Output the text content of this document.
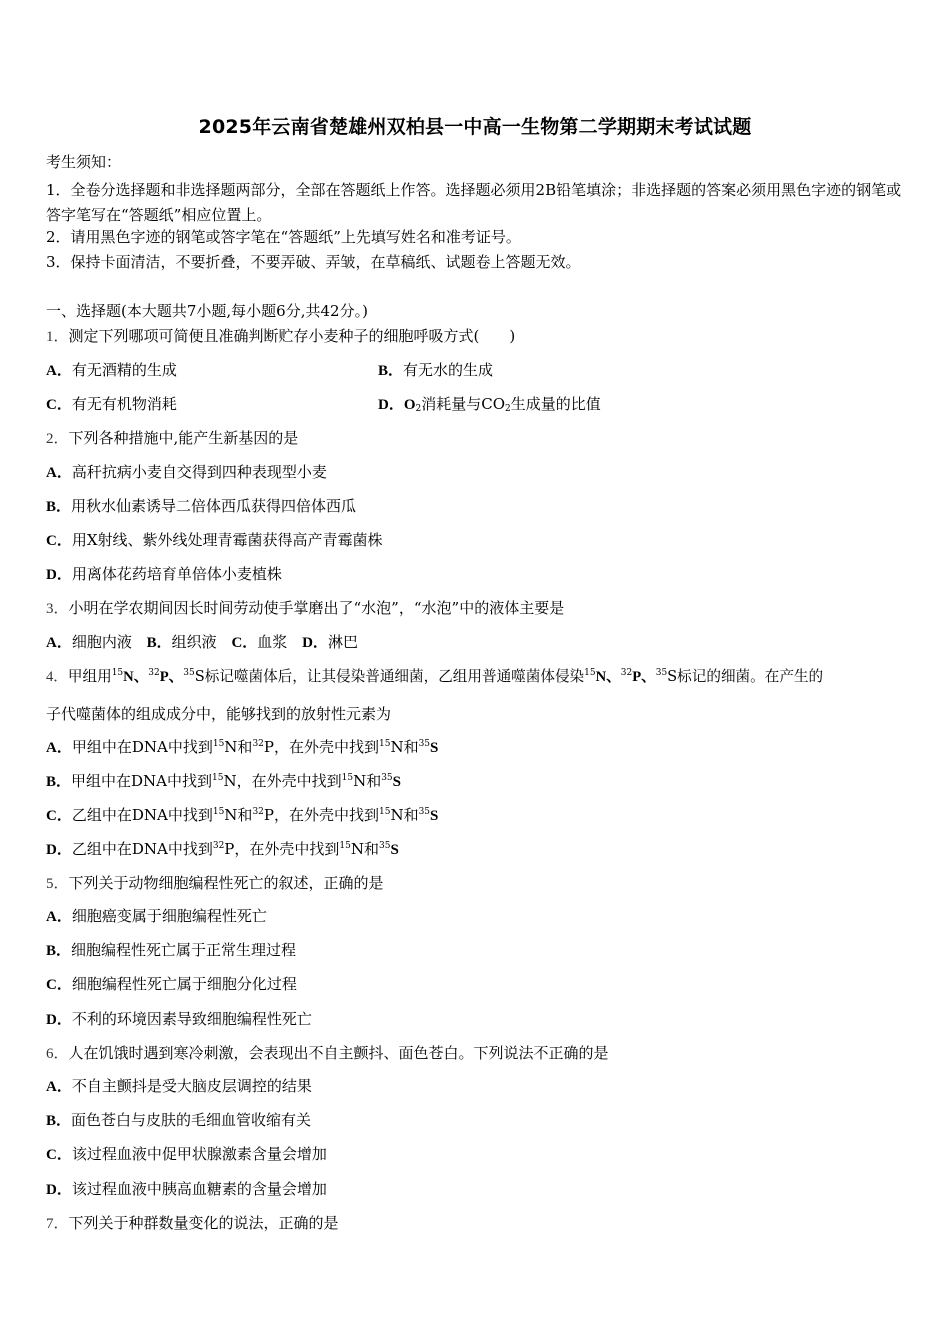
2025年云南省楚雄州双柏县一中高一生物第二学期期末考试试题
考生须知：
1．全卷分选择题和非选择题两部分，全部在答题纸上作答。选择题必须用2B铅笔填涂；非选择题的答案必须用黑色字迹的钢笔或答字笔写在“答题纸”相应位置上。
2．请用黑色字迹的钢笔或答字笔在“答题纸”上先填写姓名和准考证号。
3．保持卡面清洁，不要折叠，不要弄破、弄皱，在草稿纸、试题卷上答题无效。
一、选择题(本大题共7小题,每小题6分,共42分。)
1．测定下列哪项可简便且准确判断贮存小麦种子的细胞呼吸方式(　　)
A．有无酒精的生成	B．有无水的生成
C．有无有机物消耗	D．$O_2$消耗量与$CO_2$生成量的比值
2．下列各种措施中,能产生新基因的是
A．高秆抗病小麦自交得到四种表现型小麦
B．用秋水仙素诱导二倍体西瓜获得四倍体西瓜
C．用X射线、紫外线处理青霉菌获得高产青霉菌株
D．用离体花药培育单倍体小麦植株
3．小明在学农期间因长时间劳动使手掌磨出了“水泡”，“水泡”中的液体主要是
A．细胞内液 B．组织液 C．血浆 D．淋巴
4．甲组用$^{15}$N、$^{32}$P、$^{35}$S标记噬菌体后，让其侵染普通细菌，乙组用普通噬菌体侵染$^{15}$N、$^{32}$P、$^{35}$S标记的细菌。在产生的
子代噬菌体的组成成分中，能够找到的放射性元素为
A．甲组中在DNA中找到$^{15}$N和$^{32}$P，在外壳中找到$^{15}$N和$^{35}$S
B．甲组中在DNA中找到$^{15}$N，在外壳中找到$^{15}$N和$^{35}$S
C．乙组中在DNA中找到$^{15}$N和$^{32}$P，在外壳中找到$^{15}$N和$^{35}$S
D．乙组中在DNA中找到$^{32}$P，在外壳中找到$^{15}$N和$^{35}$S
5．下列关于动物细胞编程性死亡的叙述，正确的是
A．细胞癌变属于细胞编程性死亡
B．细胞编程性死亡属于正常生理过程
C．细胞编程性死亡属于细胞分化过程
D．不利的环境因素导致细胞编程性死亡
6．人在饥饿时遇到寒冷刺激，会表现出不自主颤抖、面色苍白。下列说法不正确的是
A．不自主颤抖是受大脑皮层调控的结果
B．面色苍白与皮肤的毛细血管收缩有关
C．该过程血液中促甲状腺激素含量会增加
D．该过程血液中胰高血糖素的含量会增加
7．下列关于种群数量变化的说法，正确的是
